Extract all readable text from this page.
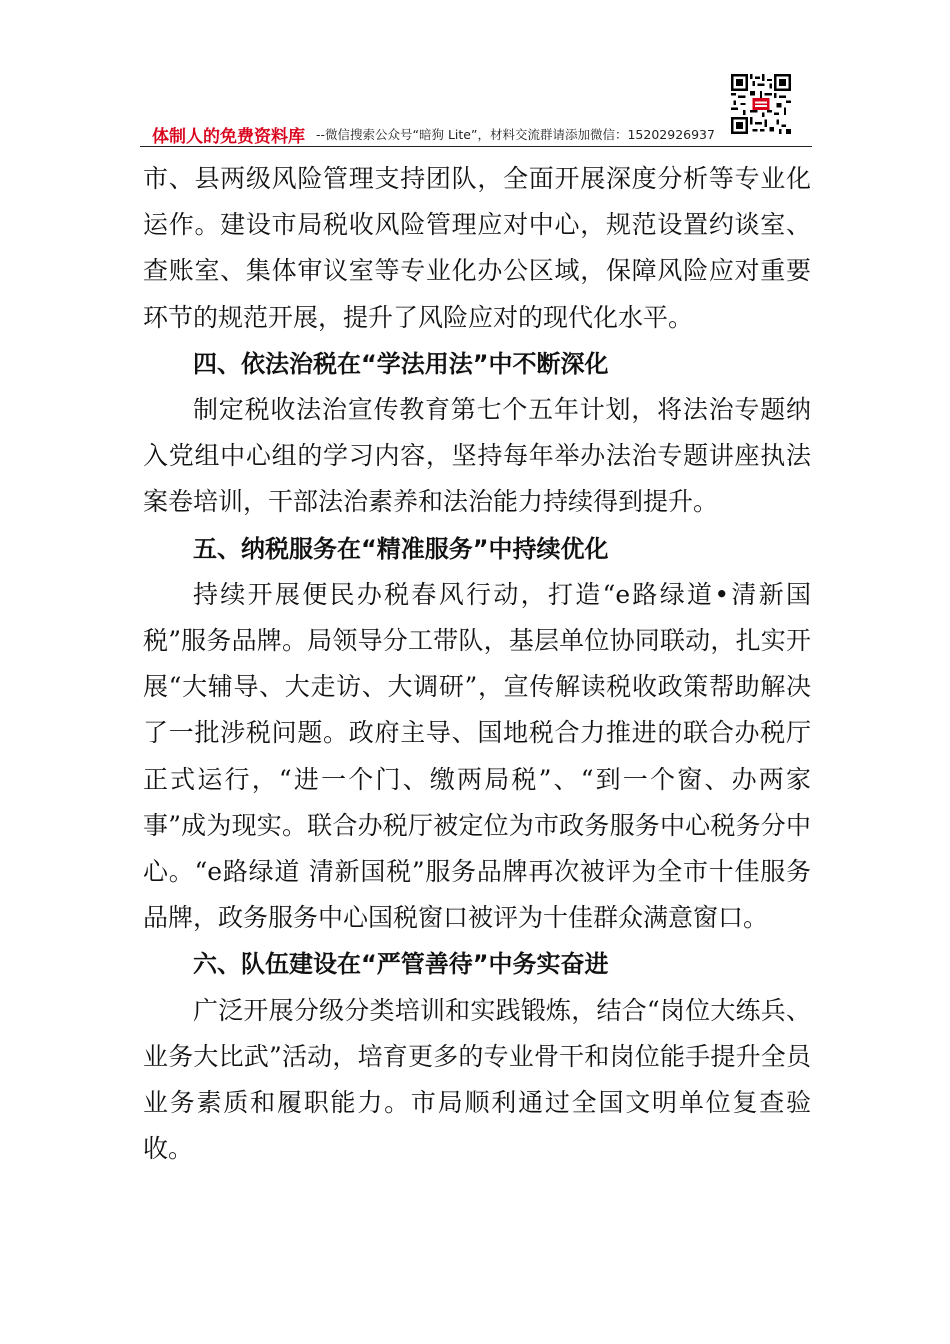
体制人的免费资料库 --微信搜索公众号“暗狗 Lite”，材料交流群请添加微信：15202926937

市、县两级风险管理支持团队，全面开展深度分析等专业化运作。建设市局税收风险管理应对中心，规范设置约谈室、查账室、集体审议室等专业化办公区域，保障风险应对重要环节的规范开展，提升了风险应对的现代化水平。

四、依法治税在“学法用法”中不断深化

制定税收法治宣传教育第七个五年计划，将法治专题纳入党组中心组的学习内容，坚持每年举办法治专题讲座执法案卷培训，干部法治素养和法治能力持续得到提升。

五、纳税服务在“精准服务”中持续优化

持续开展便民办税春风行动，打造“e路绿道•清新国税”服务品牌。局领导分工带队，基层单位协同联动，扎实开展“大辅导、大走访、大调研”，宣传解读税收政策帮助解决了一批涉税问题。政府主导、国地税合力推进的联合办税厅正式运行，“进一个门、缴两局税”、“到一个窗、办两家事”成为现实。联合办税厅被定位为市政务服务中心税务分中心。“e路绿道 清新国税”服务品牌再次被评为全市十佳服务品牌，政务服务中心国税窗口被评为十佳群众满意窗口。

六、队伍建设在“严管善待”中务实奋进

广泛开展分级分类培训和实践锻炼，结合“岗位大练兵、业务大比武”活动，培育更多的专业骨干和岗位能手提升全员业务素质和履职能力。市局顺利通过全国文明单位复查验收。
